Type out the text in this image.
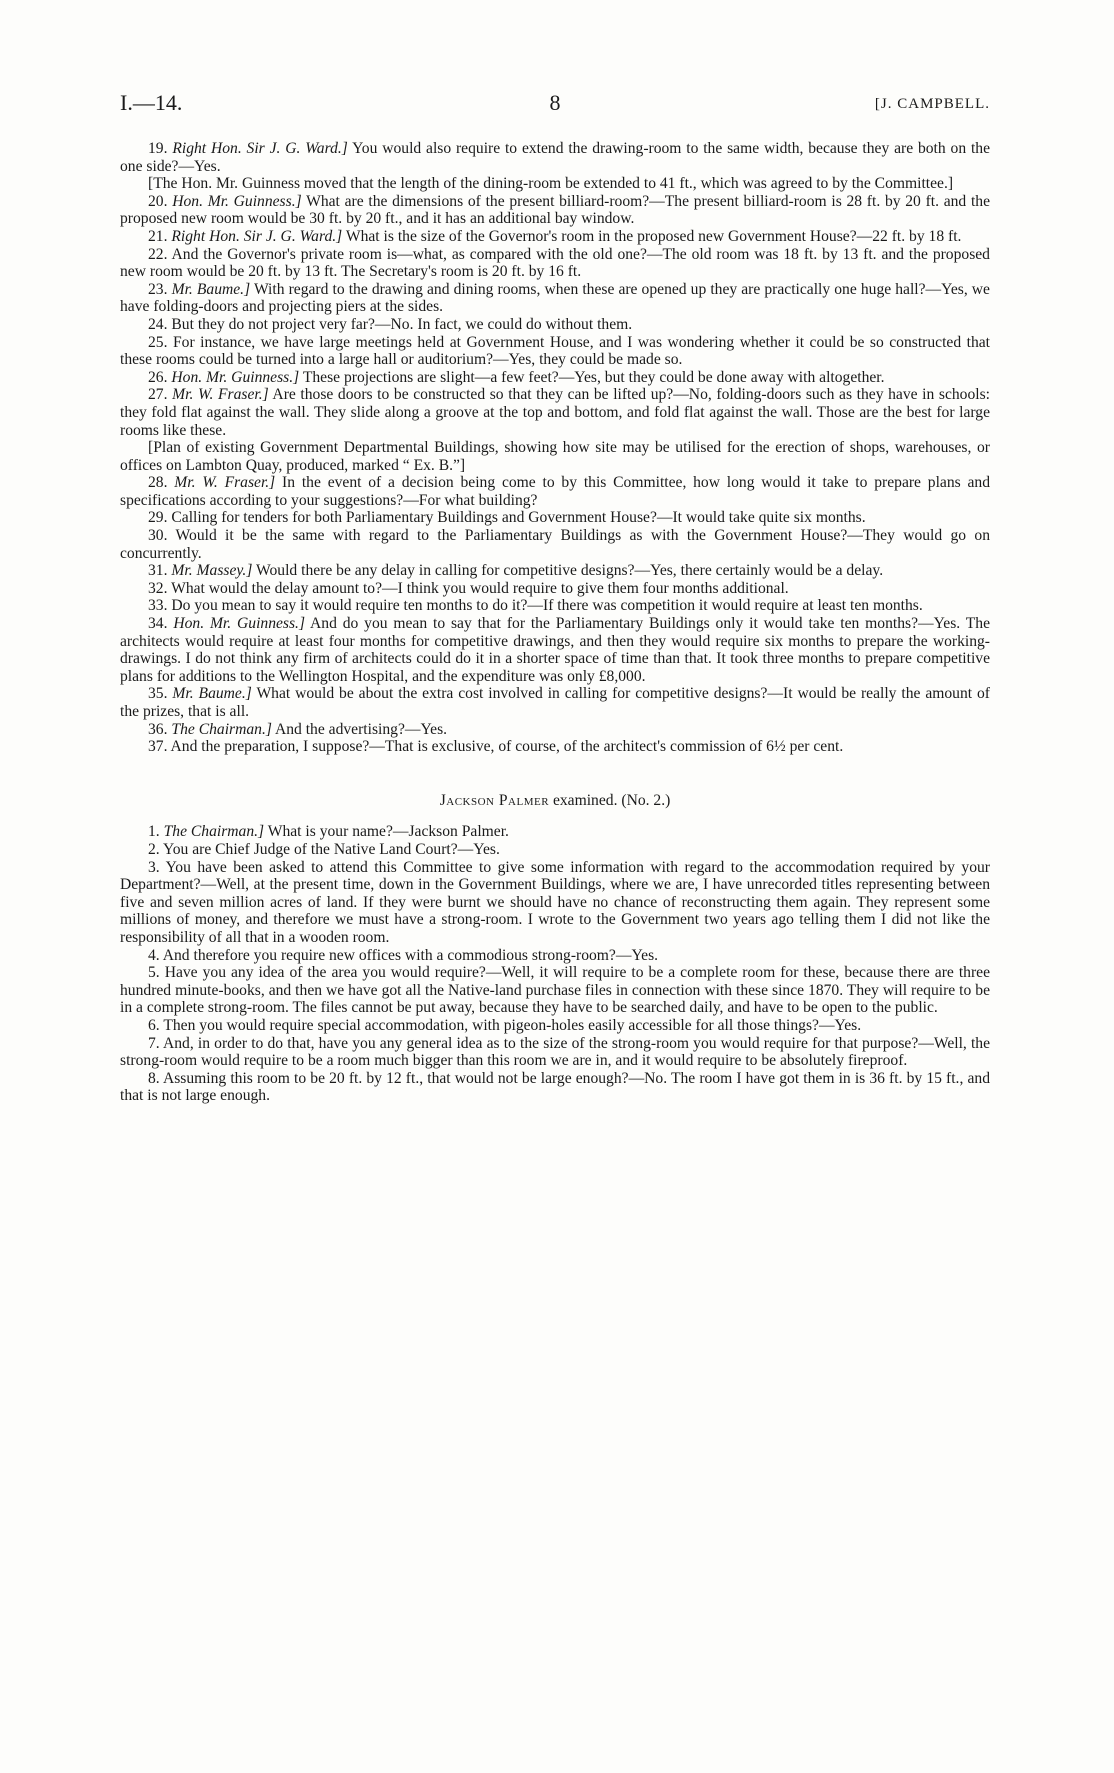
I.—14.	8	[J. CAMPBELL.

19. Right Hon. Sir J. G. Ward.] You would also require to extend the drawing-room to the same width, because they are both on the one side?—Yes.

[The Hon. Mr. Guinness moved that the length of the dining-room be extended to 41 ft., which was agreed to by the Committee.]

20. Hon. Mr. Guinness.] What are the dimensions of the present billiard-room?—The present billiard-room is 28 ft. by 20 ft. and the proposed new room would be 30 ft. by 20 ft., and it has an additional bay window.

21. Right Hon. Sir J. G. Ward.] What is the size of the Governor's room in the proposed new Government House?—22 ft. by 18 ft.

22. And the Governor's private room is—what, as compared with the old one?—The old room was 18 ft. by 13 ft. and the proposed new room would be 20 ft. by 13 ft. The Secretary's room is 20 ft. by 16 ft.

23. Mr. Baume.] With regard to the drawing and dining rooms, when these are opened up they are practically one huge hall?—Yes, we have folding-doors and projecting piers at the sides.

24. But they do not project very far?—No. In fact, we could do without them.

25. For instance, we have large meetings held at Government House, and I was wondering whether it could be so constructed that these rooms could be turned into a large hall or auditorium?—Yes, they could be made so.

26. Hon. Mr. Guinness.] These projections are slight—a few feet?—Yes, but they could be done away with altogether.

27. Mr. W. Fraser.] Are those doors to be constructed so that they can be lifted up?—No, folding-doors such as they have in schools: they fold flat against the wall. They slide along a groove at the top and bottom, and fold flat against the wall. Those are the best for large rooms like these.

[Plan of existing Government Departmental Buildings, showing how site may be utilised for the erection of shops, warehouses, or offices on Lambton Quay, produced, marked “ Ex. B.”]

28. Mr. W. Fraser.] In the event of a decision being come to by this Committee, how long would it take to prepare plans and specifications according to your suggestions?—For what building?

29. Calling for tenders for both Parliamentary Buildings and Government House?—It would take quite six months.

30. Would it be the same with regard to the Parliamentary Buildings as with the Government House?—They would go on concurrently.

31. Mr. Massey.] Would there be any delay in calling for competitive designs?—Yes, there certainly would be a delay.

32. What would the delay amount to?—I think you would require to give them four months additional.

33. Do you mean to say it would require ten months to do it?—If there was competition it would require at least ten months.

34. Hon. Mr. Guinness.] And do you mean to say that for the Parliamentary Buildings only it would take ten months?—Yes. The architects would require at least four months for competitive drawings, and then they would require six months to prepare the working-drawings. I do not think any firm of architects could do it in a shorter space of time than that. It took three months to prepare competitive plans for additions to the Wellington Hospital, and the expenditure was only £8,000.

35. Mr. Baume.] What would be about the extra cost involved in calling for competitive designs?—It would be really the amount of the prizes, that is all.

36. The Chairman.] And the advertising?—Yes.

37. And the preparation, I suppose?—That is exclusive, of course, of the architect's commission of 6½ per cent.

Jackson Palmer examined. (No. 2.)

1. The Chairman.] What is your name?—Jackson Palmer.

2. You are Chief Judge of the Native Land Court?—Yes.

3. You have been asked to attend this Committee to give some information with regard to the accommodation required by your Department?—Well, at the present time, down in the Government Buildings, where we are, I have unrecorded titles representing between five and seven million acres of land. If they were burnt we should have no chance of reconstructing them again. They represent some millions of money, and therefore we must have a strong-room. I wrote to the Government two years ago telling them I did not like the responsibility of all that in a wooden room.

4. And therefore you require new offices with a commodious strong-room?—Yes.

5. Have you any idea of the area you would require?—Well, it will require to be a complete room for these, because there are three hundred minute-books, and then we have got all the Native-land purchase files in connection with these since 1870. They will require to be in a complete strong-room. The files cannot be put away, because they have to be searched daily, and have to be open to the public.

6. Then you would require special accommodation, with pigeon-holes easily accessible for all those things?—Yes.

7. And, in order to do that, have you any general idea as to the size of the strong-room you would require for that purpose?—Well, the strong-room would require to be a room much bigger than this room we are in, and it would require to be absolutely fireproof.

8. Assuming this room to be 20 ft. by 12 ft., that would not be large enough?—No. The room I have got them in is 36 ft. by 15 ft., and that is not large enough.
